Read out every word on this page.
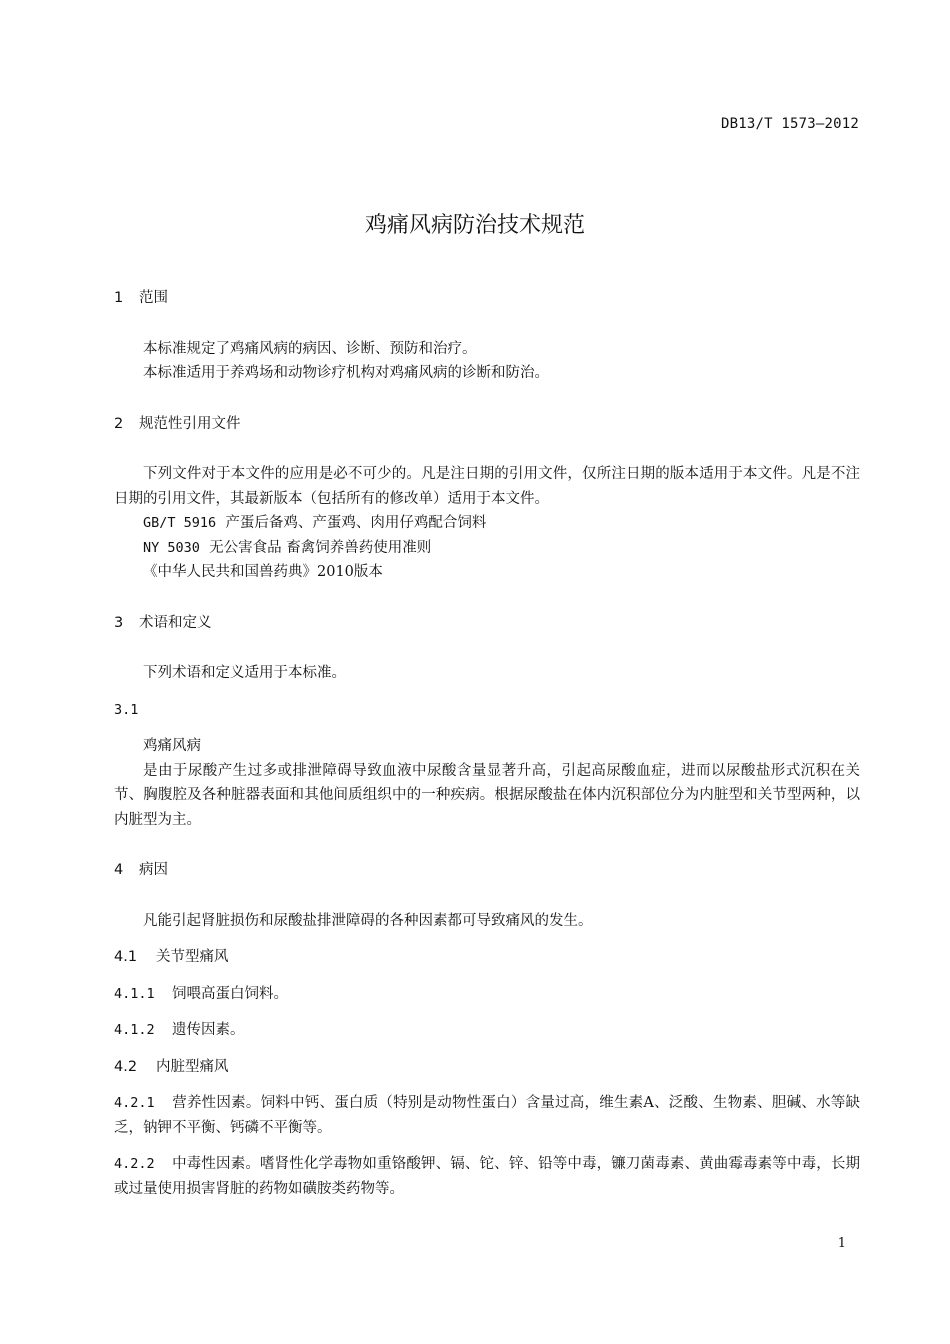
DB13/T 1573—2012
鸡痛风病防治技术规范
1 范围

本标准规定了鸡痛风病的病因、诊断、预防和治疗。

本标准适用于养鸡场和动物诊疗机构对鸡痛风病的诊断和防治。

2 规范性引用文件

下列文件对于本文件的应用是必不可少的。凡是注日期的引用文件，仅所注日期的版本适用于本文件。凡是不注日期的引用文件，其最新版本（包括所有的修改单）适用于本文件。

GB/T 5916 产蛋后备鸡、产蛋鸡、肉用仔鸡配合饲料

NY 5030 无公害食品 畜禽饲养兽药使用准则

《中华人民共和国兽药典》2010版本

3 术语和定义

下列术语和定义适用于本标准。

3.1

鸡痛风病

是由于尿酸产生过多或排泄障碍导致血液中尿酸含量显著升高，引起高尿酸血症，进而以尿酸盐形式沉积在关节、胸腹腔及各种脏器表面和其他间质组织中的一种疾病。根据尿酸盐在体内沉积部位分为内脏型和关节型两种，以内脏型为主。

4 病因

凡能引起肾脏损伤和尿酸盐排泄障碍的各种因素都可导致痛风的发生。

4.1 关节型痛风

4.1.1 饲喂高蛋白饲料。

4.1.2 遗传因素。

4.2 内脏型痛风

4.2.1 营养性因素。饲料中钙、蛋白质（特别是动物性蛋白）含量过高，维生素A、泛酸、生物素、胆碱、水等缺乏，钠钾不平衡、钙磷不平衡等。

4.2.2 中毒性因素。嗜肾性化学毒物如重铬酸钾、镉、铊、锌、铅等中毒，镰刀菌毒素、黄曲霉毒素等中毒，长期或过量使用损害肾脏的药物如磺胺类药物等。

1
